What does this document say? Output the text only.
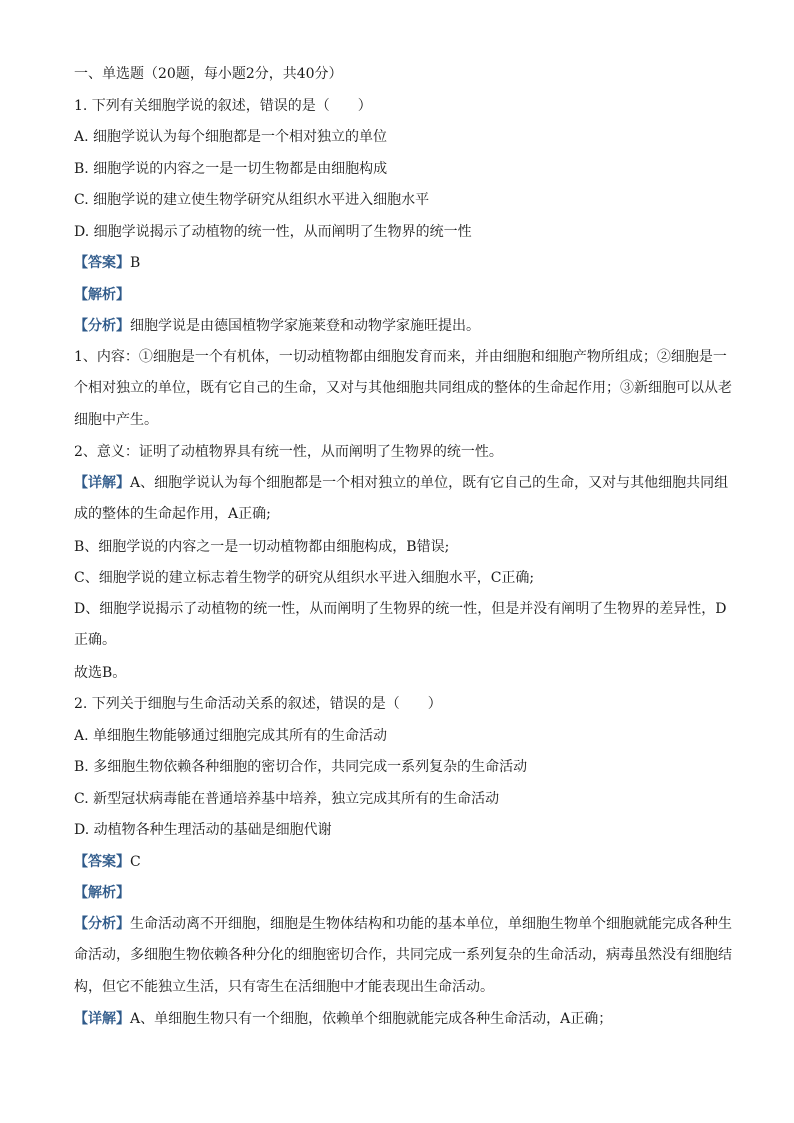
一、单选题（20题，每小题2分，共40分）
1. 下列有关细胞学说的叙述，错误的是（　　）
A. 细胞学说认为每个细胞都是一个相对独立的单位
B. 细胞学说的内容之一是一切生物都是由细胞构成
C. 细胞学说的建立使生物学研究从组织水平进入细胞水平
D. 细胞学说揭示了动植物的统一性，从而阐明了生物界的统一性
【答案】B
【解析】
【分析】细胞学说是由德国植物学家施莱登和动物学家施旺提出。
1、内容：①细胞是一个有机体，一切动植物都由细胞发育而来，并由细胞和细胞产物所组成；②细胞是一个相对独立的单位，既有它自己的生命，又对与其他细胞共同组成的整体的生命起作用；③新细胞可以从老细胞中产生。
2、意义：证明了动植物界具有统一性，从而阐明了生物界的统一性。
【详解】A、细胞学说认为每个细胞都是一个相对独立的单位，既有它自己的生命，又对与其他细胞共同组成的整体的生命起作用，A正确;
B、细胞学说的内容之一是一切动植物都由细胞构成，B错误;
C、细胞学说的建立标志着生物学的研究从组织水平进入细胞水平，C正确;
D、细胞学说揭示了动植物的统一性，从而阐明了生物界的统一性，但是并没有阐明了生物界的差异性，D正确。
故选B。
2. 下列关于细胞与生命活动关系的叙述，错误的是（　　）
A. 单细胞生物能够通过细胞完成其所有的生命活动
B. 多细胞生物依赖各种细胞的密切合作，共同完成一系列复杂的生命活动
C. 新型冠状病毒能在普通培养基中培养，独立完成其所有的生命活动
D. 动植物各种生理活动的基础是细胞代谢
【答案】C
【解析】
【分析】生命活动离不开细胞，细胞是生物体结构和功能的基本单位，单细胞生物单个细胞就能完成各种生命活动，多细胞生物依赖各种分化的细胞密切合作，共同完成一系列复杂的生命活动，病毒虽然没有细胞结构，但它不能独立生活，只有寄生在活细胞中才能表现出生命活动。
【详解】A、单细胞生物只有一个细胞，依赖单个细胞就能完成各种生命活动，A正确；
